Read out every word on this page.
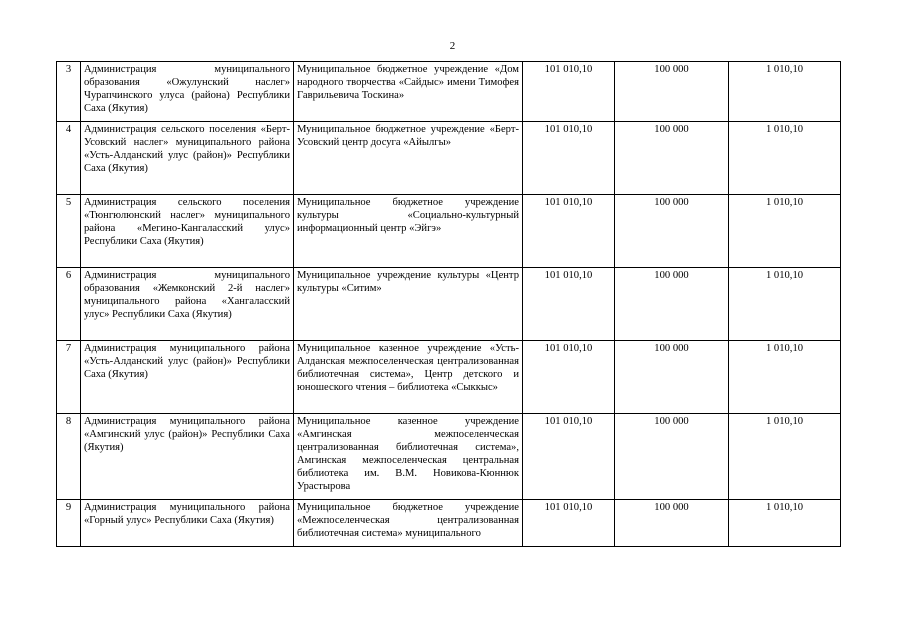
2
3	Администрация муниципального образования «Ожулунский наслег» Чурапчинского улуса (района) Республики Саха (Якутия)	Муниципальное бюджетное учреждение «Дом народного творчества «Сайдыс» имени Тимофея Гаврильевича Тоскина»	101 010,10	100 000	1 010,10
4	Администрация сельского поселения «Берт-Усовский наслег» муниципального района «Усть-Алданский улус (район)» Республики Саха (Якутия)	Муниципальное бюджетное учреждение «Берт-Усовский центр досуга «Айылгы»	101 010,10	100 000	1 010,10
5	Администрация сельского поселения «Тюнгюлюнский наслег» муниципального района «Мегино-Кангаласский улус» Республики Саха (Якутия)	Муниципальное бюджетное учреждение культуры «Социально-культурный информационный центр «Эйгэ»	101 010,10	100 000	1 010,10
6	Администрация муниципального образования «Жемконский 2-й наслег» муниципального района «Хангаласский улус» Республики Саха (Якутия)	Муниципальное учреждение культуры «Центр культуры «Ситим»	101 010,10	100 000	1 010,10
7	Администрация муниципального района «Усть-Алданский улус (район)» Республики Саха (Якутия)	Муниципальное казенное учреждение «Усть-Алданская межпоселенческая централизованная библиотечная система», Центр детского и юношеского чтения – библиотека «Сыккыс»	101 010,10	100 000	1 010,10
8	Администрация муниципального района «Амгинский улус (район)» Республики Саха (Якутия)	Муниципальное казенное учреждение «Амгинская межпоселенческая централизованная библиотечная система», Амгинская межпоселенческая центральная библиотека им. В.М. Новикова-Кюннюк Урастырова	101 010,10	100 000	1 010,10
9	Администрация муниципального района «Горный улус» Республики Саха (Якутия)	Муниципальное бюджетное учреждение «Межпоселенческая централизованная библиотечная система» муниципального	101 010,10	100 000	1 010,10
